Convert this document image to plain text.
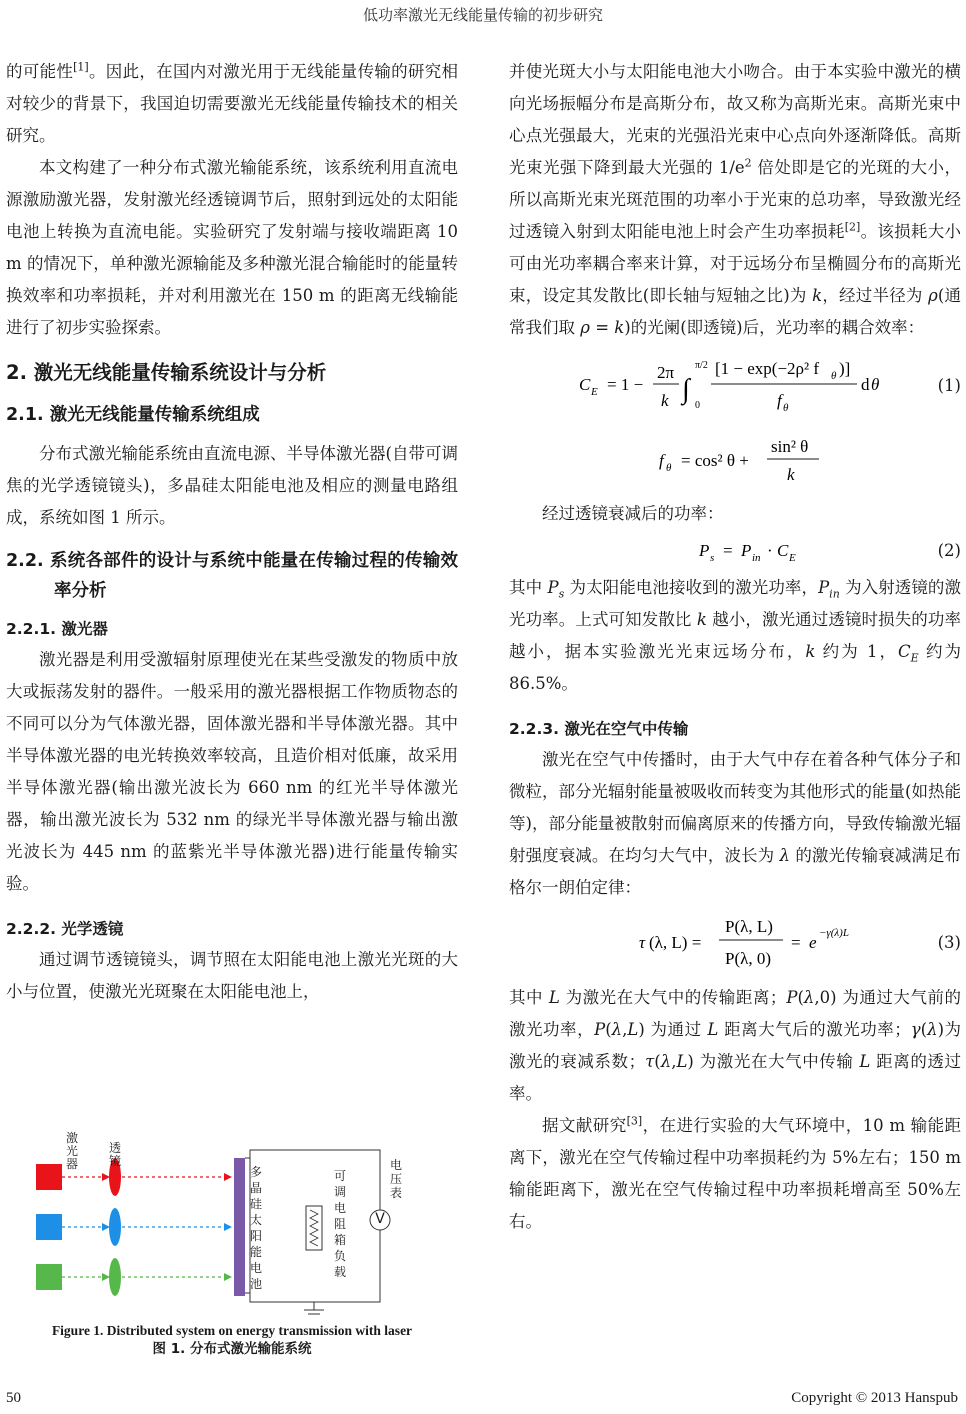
低功率激光无线能量传输的初步研究

的可能性[1]。因此，在国内对激光用于无线能量传输的研究相对较少的背景下，我国迫切需要激光无线能量传输技术的相关研究。

本文构建了一种分布式激光输能系统，该系统利用直流电源激励激光器，发射激光经透镜调节后，照射到远处的太阳能电池上转换为直流电能。实验研究了发射端与接收端距离 10 m 的情况下，单种激光源输能及多种激光混合输能时的能量转换效率和功率损耗，并对利用激光在 150 m 的距离无线输能进行了初步实验探索。

2. 激光无线能量传输系统设计与分析
2.1. 激光无线能量传输系统组成

分布式激光输能系统由直流电源、半导体激光器(自带可调焦的光学透镜镜头)，多晶硅太阳能电池及相应的测量电路组成，系统如图 1 所示。

2.2. 系统各部件的设计与系统中能量在传输过程的传输效率分析
2.2.1. 激光器

激光器是利用受激辐射原理使光在某些受激发的物质中放大或振荡发射的器件。一般采用的激光器根据工作物质物态的不同可以分为气体激光器，固体激光器和半导体激光器。其中半导体激光器的电光转换效率较高，且造价相对低廉，故采用半导体激光器(输出激光波长为 660 nm 的红光半导体激光器，输出激光波长为 532 nm 的绿光半导体激光器与输出激光波长为 445 nm 的蓝紫光半导体激光器)进行能量传输实验。

2.2.2. 光学透镜

通过调节透镜镜头，调节照在太阳能电池上激光光斑的大小与位置，使激光光斑聚在太阳能电池上，

激光器
透镜
多晶硅太阳能电池
可调电阻箱负载
电压表
V
Figure 1. Distributed system on energy transmission with laser
图 1. 分布式激光输能系统

并使光斑大小与太阳能电池大小吻合。由于本实验中激光的横向光场振幅分布是高斯分布，故又称为高斯光束。高斯光束中心点光强最大，光束的光强沿光束中心点向外逐渐降低。高斯光束光强下降到最大光强的 $1/e^2$ 倍处即是它的光斑的大小，所以高斯光束光斑范围的功率小于光束的总功率，导致激光经过透镜入射到太阳能电池上时会产生功率损耗[2]。该损耗大小可由光功率耦合率来计算，对于远场分布呈椭圆分布的高斯光束，设定其发散比(即长轴与短轴之比)为 k，经过半径为 ρ(通常我们取 ρ = k)的光阑(即透镜)后，光功率的耦合效率：

C E = 1 −
2π
k ∫
π/2
0
[1 − exp(−2ρ² f θ )]
f θ
d θ	(1)
f θ = cos² θ +
sin² θ
k

经过透镜衰减后的功率：

P s = P in · C E	(2)

其中 $P_s$ 为太阳能电池接收到的激光功率，$P_{in}$ 为入射透镜的激光功率。上式可知发散比 k 越小，激光通过透镜时损失的功率越小，据本实验激光光束远场分布，k 约为 1，$C_E$ 约为 86.5%。

2.2.3. 激光在空气中传输

激光在空气中传播时，由于大气中存在着各种气体分子和微粒，部分光辐射能量被吸收而转变为其他形式的能量(如热能等)，部分能量被散射而偏离原来的传播方向，导致传输激光辐射强度衰减。在均匀大气中，波长为 λ 的激光传输衰减满足布格尔一朗伯定律：

τ (λ, L) =
P(λ, L)
P(λ, 0)
= e −γ(λ)L	(3)

其中 L 为激光在大气中的传输距离；P(λ,0) 为通过大气前的激光功率，P(λ,L) 为通过 L 距离大气后的激光功率；γ(λ)为激光的衰减系数；τ(λ,L) 为激光在大气中传输 L 距离的透过率。

据文献研究[3]，在进行实验的大气环境中，10 m 输能距离下，激光在空气传输过程中功率损耗约为 5%左右；150 m 输能距离下，激光在空气传输过程中功率损耗增高至 50%左右。

50	Copyright © 2013 Hanspub
